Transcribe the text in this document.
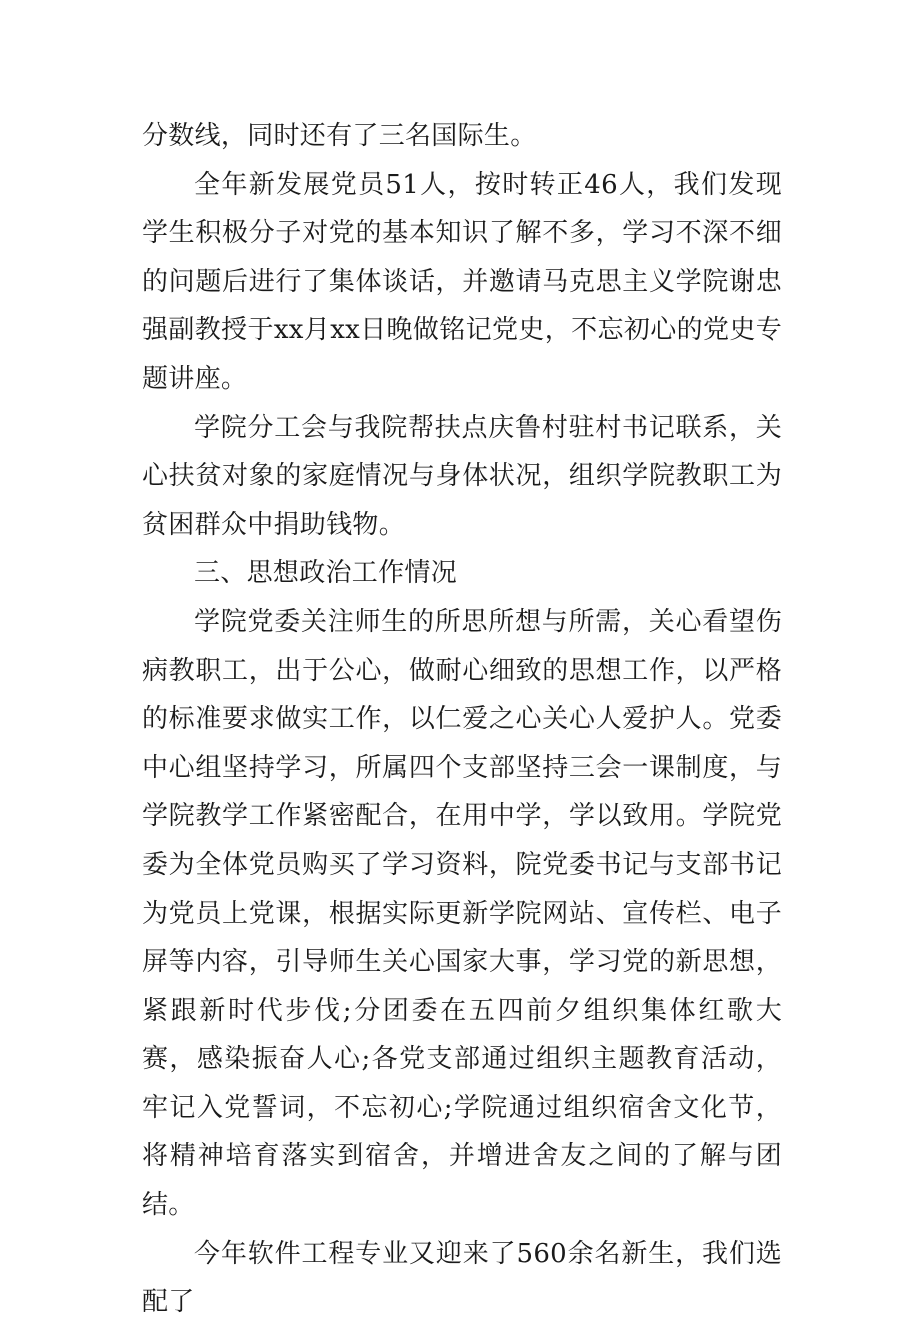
分数线，同时还有了三名国际生。

全年新发展党员51人，按时转正46人，我们发现学生积极分子对党的基本知识了解不多，学习不深不细的问题后进行了集体谈话，并邀请马克思主义学院谢忠强副教授于xx月xx日晚做铭记党史，不忘初心的党史专题讲座。

学院分工会与我院帮扶点庆鲁村驻村书记联系，关心扶贫对象的家庭情况与身体状况，组织学院教职工为贫困群众中捐助钱物。

三、思想政治工作情况

学院党委关注师生的所思所想与所需，关心看望伤病教职工，出于公心，做耐心细致的思想工作，以严格的标准要求做实工作，以仁爱之心关心人爱护人。党委中心组坚持学习，所属四个支部坚持三会一课制度，与学院教学工作紧密配合，在用中学，学以致用。学院党委为全体党员购买了学习资料，院党委书记与支部书记为党员上党课，根据实际更新学院网站、宣传栏、电子屏等内容，引导师生关心国家大事，学习党的新思想，紧跟新时代步伐;分团委在五四前夕组织集体红歌大赛，感染振奋人心;各党支部通过组织主题教育活动，牢记入党誓词，不忘初心;学院通过组织宿舍文化节，将精神培育落实到宿舍，并增进舍友之间的了解与团结。

今年软件工程专业又迎来了560余名新生，我们选配了
